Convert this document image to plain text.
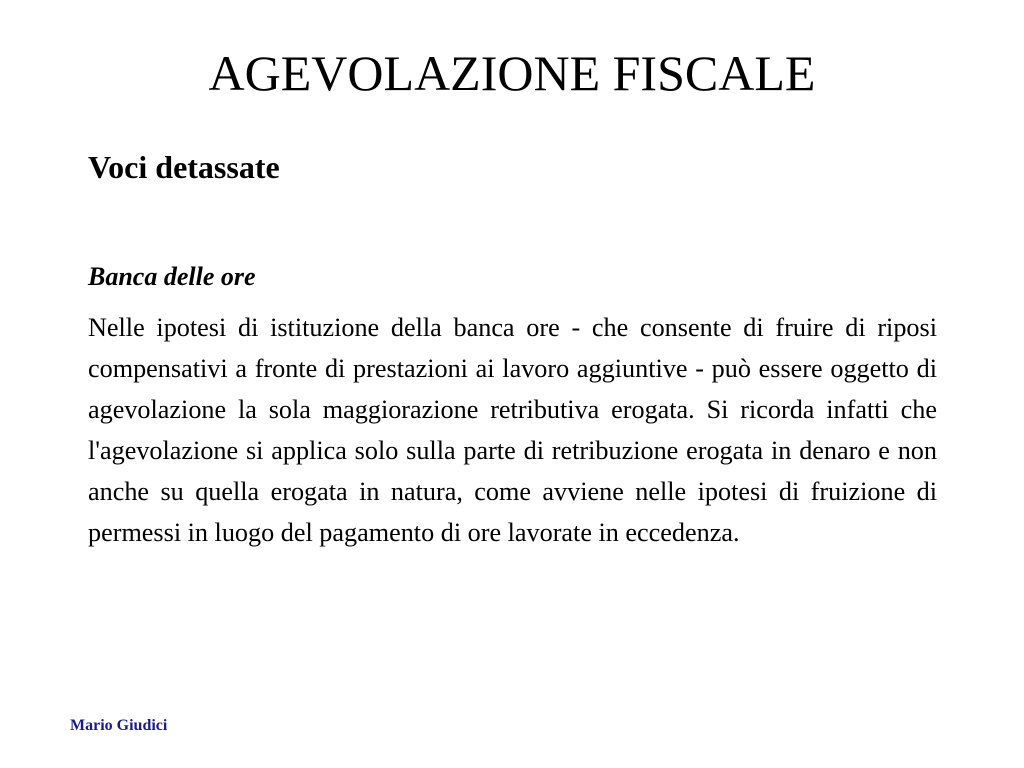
AGEVOLAZIONE FISCALE
Voci detassate
Banca delle ore

Nelle ipotesi di istituzione della banca ore - che consente di fruire di riposi compensativi a fronte di prestazioni ai lavoro aggiuntive - può essere oggetto di agevolazione la sola maggiorazione retributiva erogata. Si ricorda infatti che l'agevolazione si applica solo sulla parte di retribuzione erogata in denaro e non anche su quella erogata in natura, come avviene nelle ipotesi di fruizione di permessi in luogo del pagamento di ore lavorate in eccedenza.

Mario Giudici
